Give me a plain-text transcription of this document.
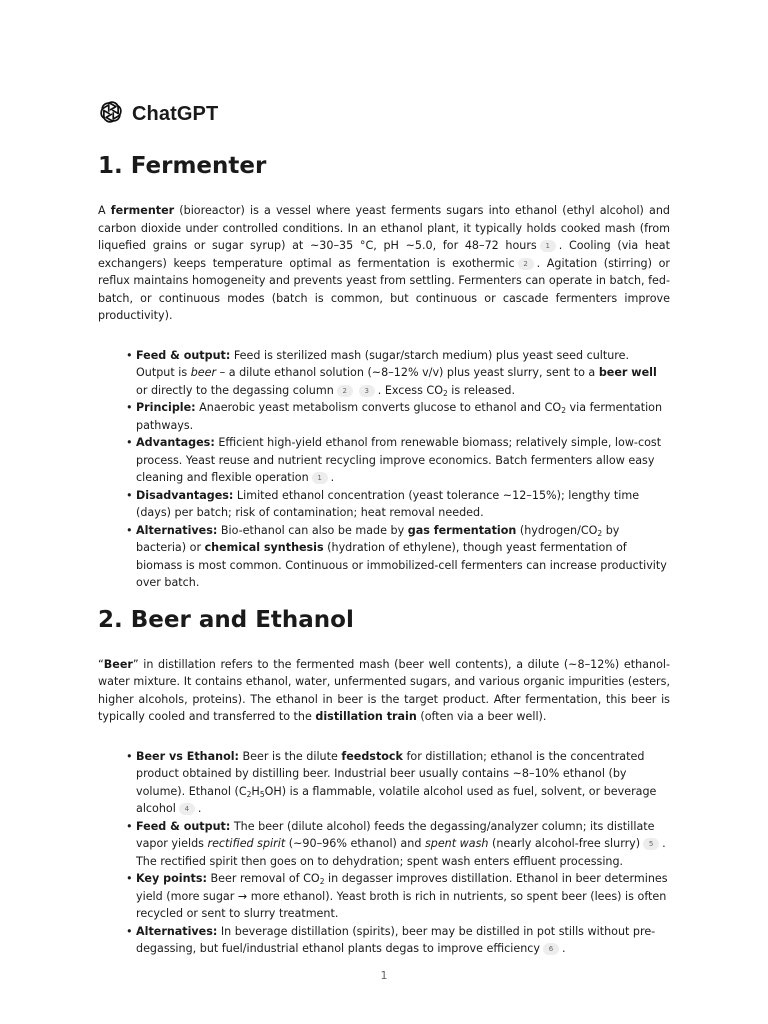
ChatGPT
1. Fermenter

A fermenter (bioreactor) is a vessel where yeast ferments sugars into ethanol (ethyl alcohol) and carbon dioxide under controlled conditions. In an ethanol plant, it typically holds cooked mash (from liquefied grains or sugar syrup) at ~30–35 °C, pH ~5.0, for 48–72 hours 1 . Cooling (via heat exchangers) keeps temperature optimal as fermentation is exothermic 2 . Agitation (stirring) or reflux maintains homogeneity and prevents yeast from settling. Fermenters can operate in batch, fed-batch, or continuous modes (batch is common, but continuous or cascade fermenters improve productivity).

• Feed & output: Feed is sterilized mash (sugar/starch medium) plus yeast seed culture. Output is beer – a dilute ethanol solution (~8–12% v/v) plus yeast slurry, sent to a beer well or directly to the degassing column 2	3 . Excess $CO_2$ is released.
• Principle: Anaerobic yeast metabolism converts glucose to ethanol and $CO_2$ via fermentation pathways.
• Advantages: Efficient high-yield ethanol from renewable biomass; relatively simple, low-cost process. Yeast reuse and nutrient recycling improve economics. Batch fermenters allow easy cleaning and flexible operation 1 .
• Disadvantages: Limited ethanol concentration (yeast tolerance ~12–15%); lengthy time (days) per batch; risk of contamination; heat removal needed.
• Alternatives: Bio-ethanol can also be made by gas fermentation ($hydrogen/CO_2$ by bacteria) or chemical synthesis (hydration of ethylene), though yeast fermentation of biomass is most common. Continuous or immobilized-cell fermenters can increase productivity over batch.
2. Beer and Ethanol

“Beer” in distillation refers to the fermented mash (beer well contents), a dilute (~8–12%) ethanol-water mixture. It contains ethanol, water, unfermented sugars, and various organic impurities (esters, higher alcohols, proteins). The ethanol in beer is the target product. After fermentation, this beer is typically cooled and transferred to the distillation train (often via a beer well).

• Beer vs Ethanol: Beer is the dilute feedstock for distillation; ethanol is the concentrated product obtained by distilling beer. Industrial beer usually contains ~8–10% ethanol (by volume). Ethanol $(C_2H_5OH)$ is a flammable, volatile alcohol used as fuel, solvent, or beverage alcohol 4 .
• Feed & output: The beer (dilute alcohol) feeds the degassing/analyzer column; its distillate vapor yields rectified spirit (~90–96% ethanol) and spent wash (nearly alcohol-free slurry) 5 . The rectified spirit then goes on to dehydration; spent wash enters effluent processing.
• Key points: Beer removal of $CO_2$ in degasser improves distillation. Ethanol in beer determines yield (more sugar → more ethanol). Yeast broth is rich in nutrients, so spent beer (lees) is often recycled or sent to slurry treatment.
• Alternatives: In beverage distillation (spirits), beer may be distilled in pot stills without pre-degassing, but fuel/industrial ethanol plants degas to improve efficiency 6 .
1
